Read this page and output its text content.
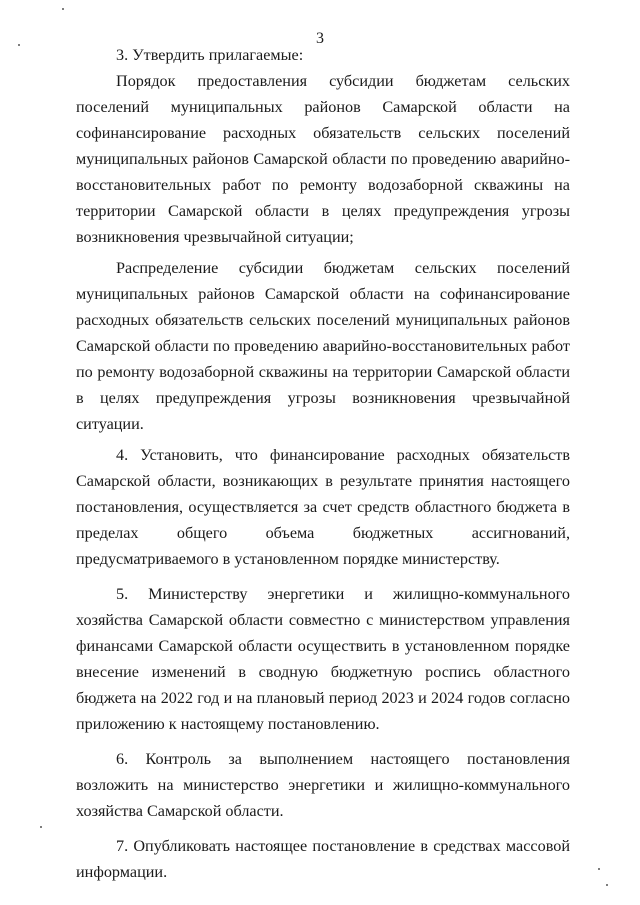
3

3. Утвердить прилагаемые:

Порядок предоставления субсидии бюджетам сельских поселений муниципальных районов Самарской области на софинансирование расходных обязательств сельских поселений муниципальных районов Самарской области по проведению аварийно-восстановительных работ по ремонту водозаборной скважины на территории Самарской области в целях предупреждения угрозы возникновения чрезвычайной ситуации;

Распределение субсидии бюджетам сельских поселений муниципальных районов Самарской области на софинансирование расходных обязательств сельских поселений муниципальных районов Самарской области по проведению аварийно-восстановительных работ по ремонту водозаборной скважины на территории Самарской области в целях предупреждения угрозы возникновения чрезвычайной ситуации.

4. Установить, что финансирование расходных обязательств Самарской области, возникающих в результате принятия настоящего постановления, осуществляется за счет средств областного бюджета в пределах общего объема бюджетных ассигнований, предусматриваемого в установленном порядке министерству.

5. Министерству энергетики и жилищно-коммунального хозяйства Самарской области совместно с министерством управления финансами Самарской области осуществить в установленном порядке внесение изменений в сводную бюджетную роспись областного бюджета на 2022 год и на плановый период 2023 и 2024 годов согласно приложению к настоящему постановлению.

6. Контроль за выполнением настоящего постановления возложить на министерство энергетики и жилищно-коммунального хозяйства Самарской области.

7. Опубликовать настоящее постановление в средствах массовой информации.
